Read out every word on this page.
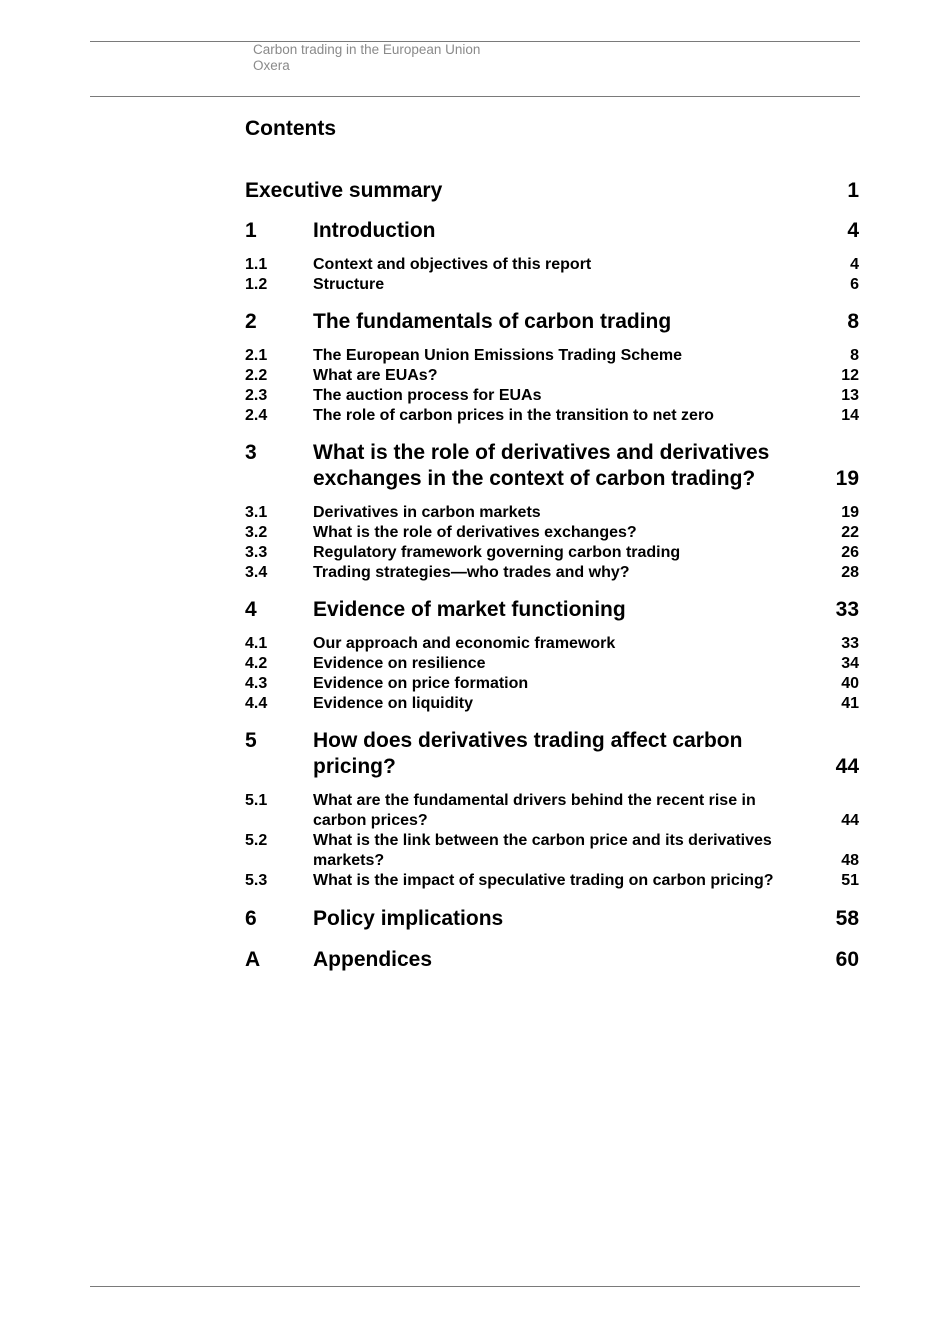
Carbon trading in the European Union
Oxera
Contents
Executive summary	1
1	Introduction	4
1.1	Context and objectives of this report	4
1.2	Structure	6
2	The fundamentals of carbon trading	8
2.1	The European Union Emissions Trading Scheme	8
2.2	What are EUAs?	12
2.3	The auction process for EUAs	13
2.4	The role of carbon prices in the transition to net zero	14
3	What is the role of derivatives and derivatives exchanges in the context of carbon trading?	19
3.1	Derivatives in carbon markets	19
3.2	What is the role of derivatives exchanges?	22
3.3	Regulatory framework governing carbon trading	26
3.4	Trading strategies—who trades and why?	28
4	Evidence of market functioning	33
4.1	Our approach and economic framework	33
4.2	Evidence on resilience	34
4.3	Evidence on price formation	40
4.4	Evidence on liquidity	41
5	How does derivatives trading affect carbon pricing?	44
5.1	What are the fundamental drivers behind the recent rise in carbon prices?	44
5.2	What is the link between the carbon price and its derivatives markets?	48
5.3	What is the impact of speculative trading on carbon pricing?	51
6	Policy implications	58
A	Appendices	60
